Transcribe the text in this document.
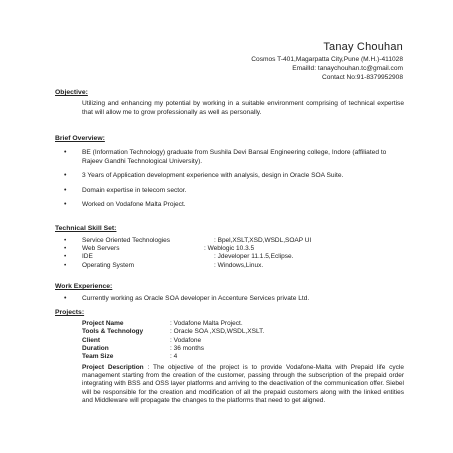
Tanay Chouhan
Cosmos T-401,Magarpatta City,Pune (M.H.)-411028
EmailId: tanaychouhan.tc@gmail.com
Contact No:91-8379952908
Objective:
Utilizing and enhancing my potential by working in a suitable environment comprising of technical expertise that will allow me to grow professionally as well as personally.
Brief Overview:
• BE (Information Technology) graduate from Sushila Devi Bansal Engineering college, Indore (affiliated to Rajeev Gandhi Technological University).
• 3 Years of Application development experience with analysis, design in Oracle SOA Suite.
• Domain expertise in telecom sector.
• Worked on Vodafone Malta Project.
Technical Skill Set:
• Service Oriented Technologies	: Bpel,XSLT,XSD,WSDL,SOAP UI
• Web Servers	: Weblogic 10.3.5
• IDE	: Jdeveloper 11.1.5,Eclipse.
• Operating System	: Windows,Linux.
Work Experience:
• Currently working as Oracle SOA developer in Accenture Services private Ltd.
Projects:
Project Name	: Vodafone Malta Project.
Tools & Technology	: Oracle SOA ,XSD,WSDL,XSLT.
Client	: Vodafone
Duration	: 36 months
Team Size	: 4
Project Description : The objective of the project is to provide Vodafone-Malta with Prepaid life cycle management starting from the creation of the customer, passing through the subscription of the prepaid order integrating with BSS and OSS layer platforms and arriving to the deactivation of the communication offer. Siebel will be responsible for the creation and modification of all the prepaid customers along with the linked entities and Middleware will propagate the changes to the platforms that need to get aligned.
